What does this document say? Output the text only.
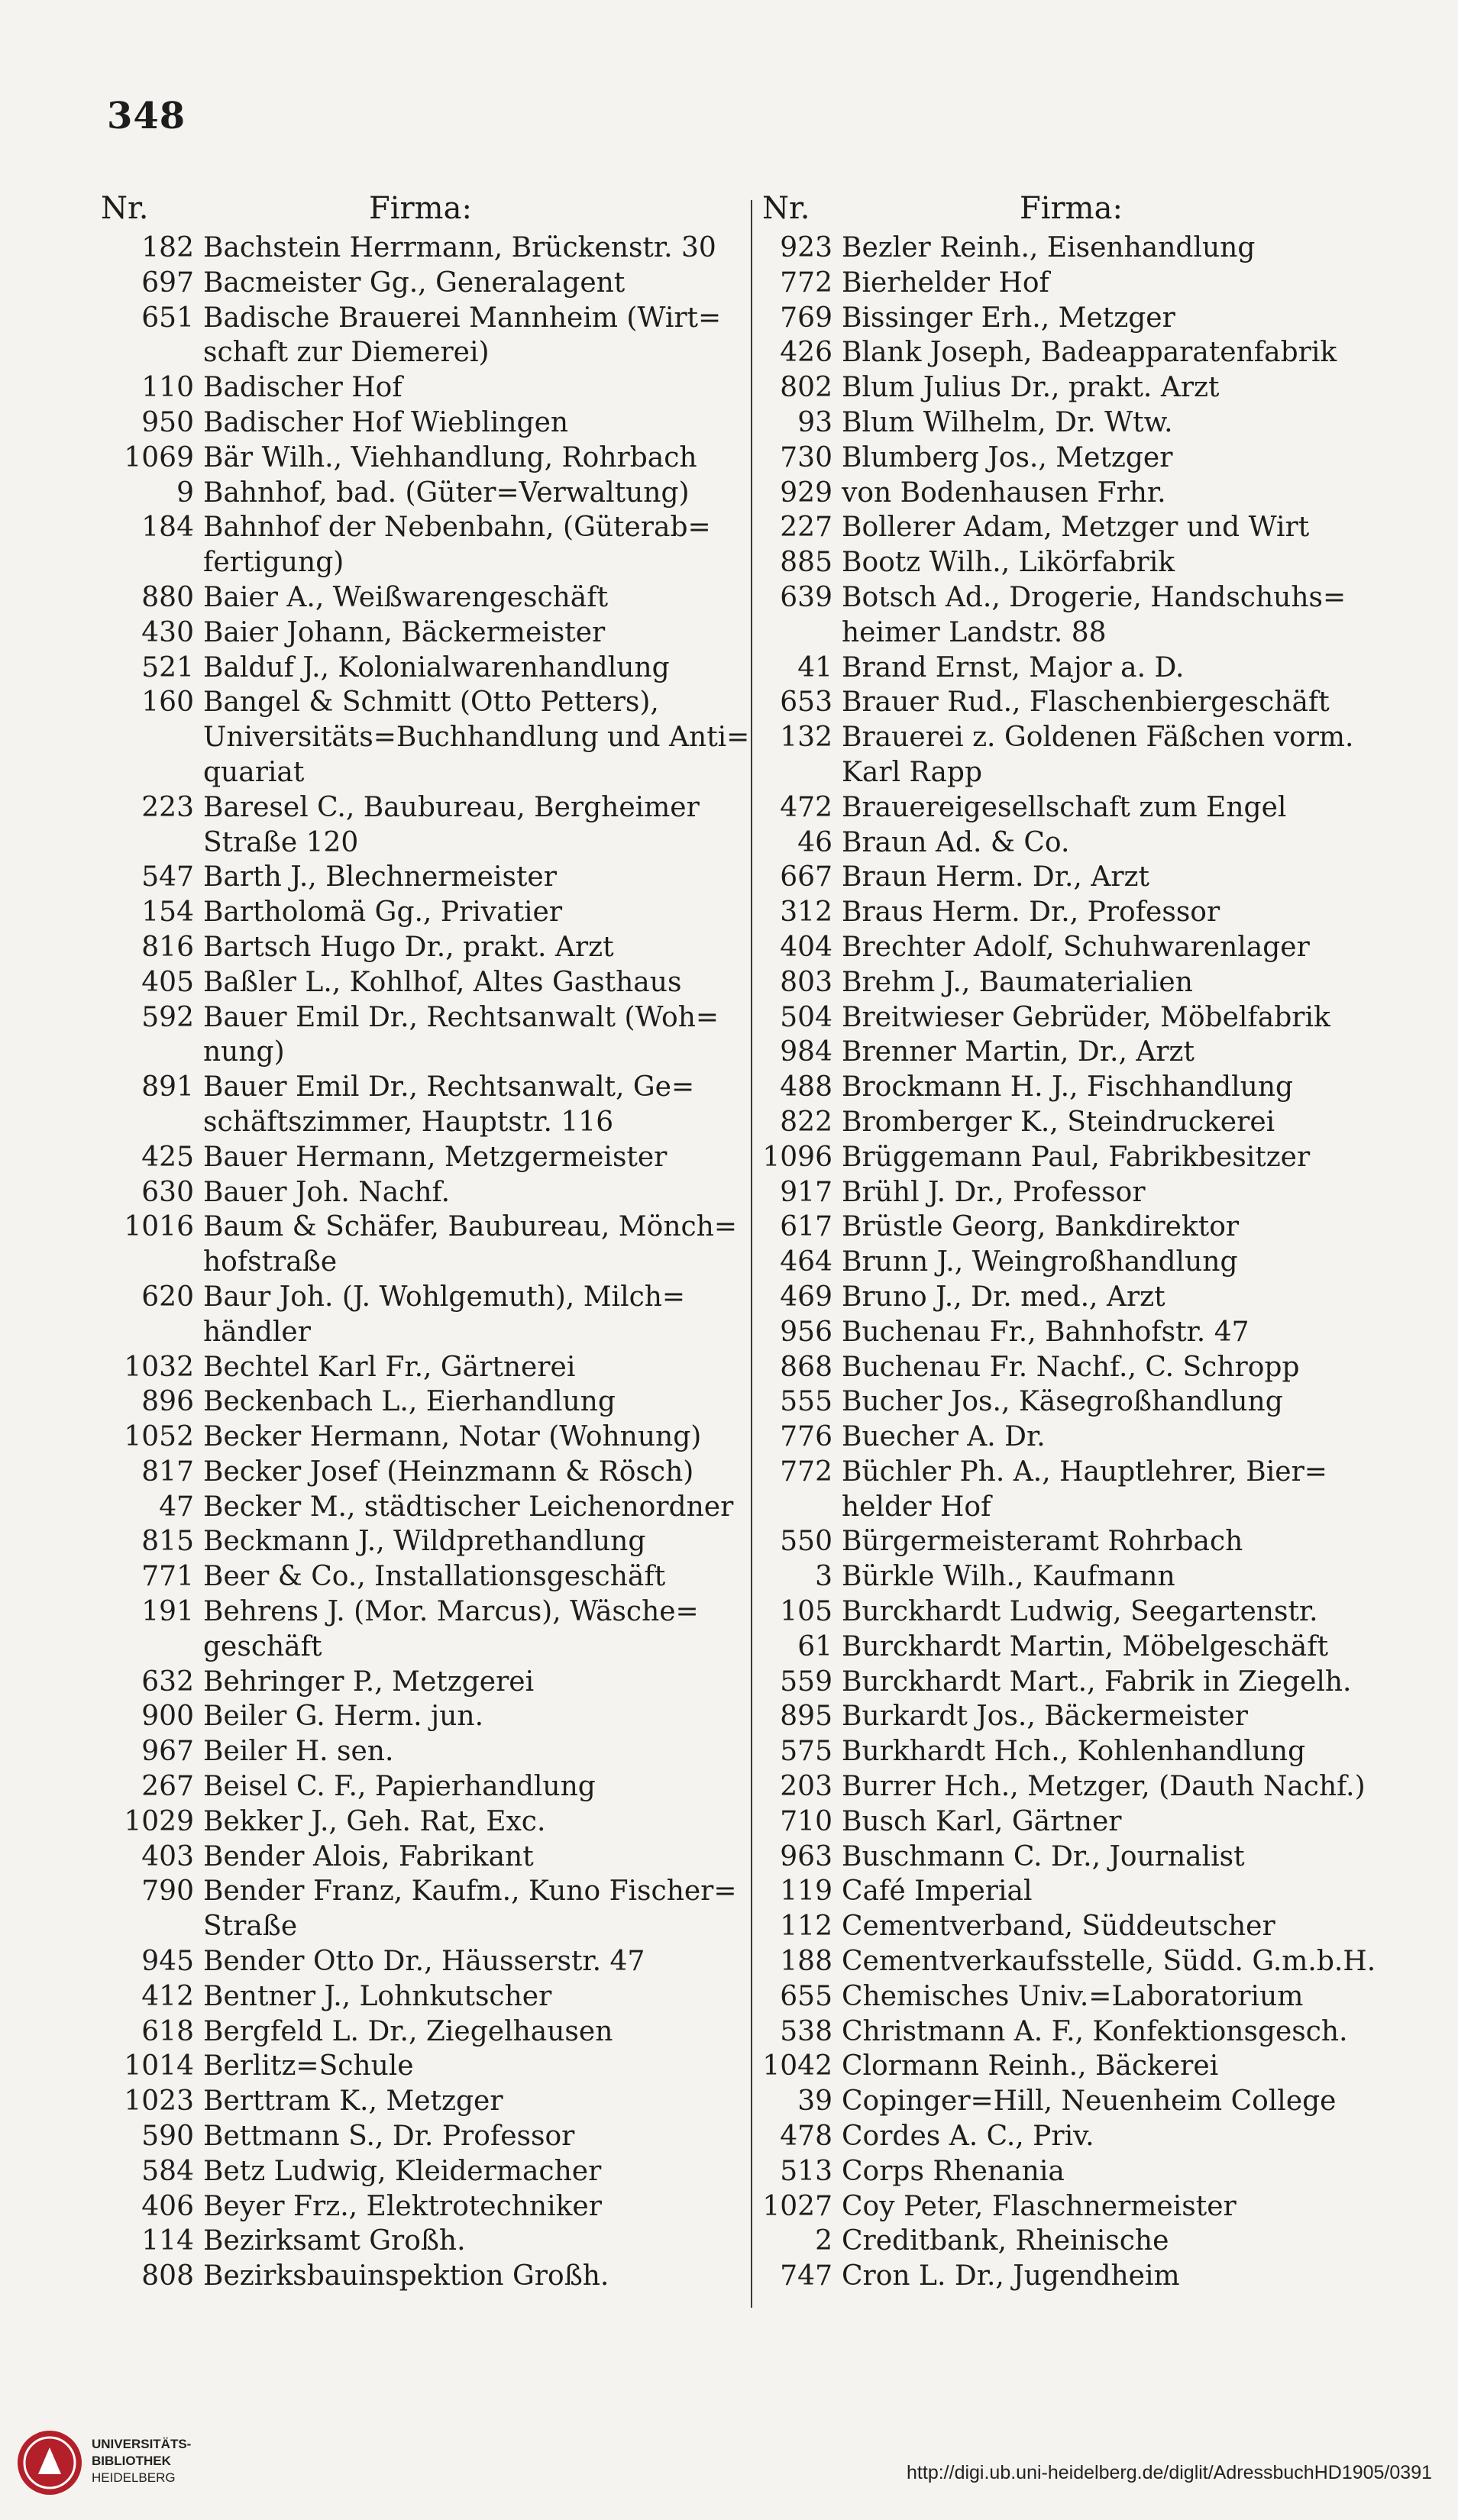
348
Nr.	Firma:
182 Bachstein Herrmann, Brückenstr. 30
697 Bacmeister Gg., Generalagent
651 Badische Brauerei Mannheim (Wirt=
schaft zur Diemerei)
110 Badischer Hof
950 Badischer Hof Wieblingen
1069 Bär Wilh., Viehhandlung, Rohrbach
9 Bahnhof, bad. (Güter=Verwaltung)
184 Bahnhof der Nebenbahn, (Güterab=
fertigung)
880 Baier A., Weißwarengeschäft
430 Baier Johann, Bäckermeister
521 Balduf J., Kolonialwarenhandlung
160 Bangel & Schmitt (Otto Petters),
Universitäts=Buchhandlung und Anti=
quariat
223 Baresel C., Baubureau, Bergheimer
Straße 120
547 Barth J., Blechnermeister
154 Bartholomä Gg., Privatier
816 Bartsch Hugo Dr., prakt. Arzt
405 Baßler L., Kohlhof, Altes Gasthaus
592 Bauer Emil Dr., Rechtsanwalt (Woh=
nung)
891 Bauer Emil Dr., Rechtsanwalt, Ge=
schäftszimmer, Hauptstr. 116
425 Bauer Hermann, Metzgermeister
630 Bauer Joh. Nachf.
1016 Baum & Schäfer, Baubureau, Mönch=
hofstraße
620 Baur Joh. (J. Wohlgemuth), Milch=
händler
1032 Bechtel Karl Fr., Gärtnerei
896 Beckenbach L., Eierhandlung
1052 Becker Hermann, Notar (Wohnung)
817 Becker Josef (Heinzmann & Rösch)
47 Becker M., städtischer Leichenordner
815 Beckmann J., Wildprethandlung
771 Beer & Co., Installationsgeschäft
191 Behrens J. (Mor. Marcus), Wäsche=
geschäft
632 Behringer P., Metzgerei
900 Beiler G. Herm. jun.
967 Beiler H. sen.
267 Beisel C. F., Papierhandlung
1029 Bekker J., Geh. Rat, Exc.
403 Bender Alois, Fabrikant
790 Bender Franz, Kaufm., Kuno Fischer=
Straße
945 Bender Otto Dr., Häusserstr. 47
412 Bentner J., Lohnkutscher
618 Bergfeld L. Dr., Ziegelhausen
1014 Berlitz=Schule
1023 Berttram K., Metzger
590 Bettmann S., Dr. Professor
584 Betz Ludwig, Kleidermacher
406 Beyer Frz., Elektrotechniker
114 Bezirksamt Großh.
808 Bezirksbauinspektion Großh.
Nr.	Firma:
923 Bezler Reinh., Eisenhandlung
772 Bierhelder Hof
769 Bissinger Erh., Metzger
426 Blank Joseph, Badeapparatenfabrik
802 Blum Julius Dr., prakt. Arzt
93 Blum Wilhelm, Dr. Wtw.
730 Blumberg Jos., Metzger
929 von Bodenhausen Frhr.
227 Bollerer Adam, Metzger und Wirt
885 Bootz Wilh., Likörfabrik
639 Botsch Ad., Drogerie, Handschuhs=
heimer Landstr. 88
41 Brand Ernst, Major a. D.
653 Brauer Rud., Flaschenbiergeschäft
132 Brauerei z. Goldenen Fäßchen vorm.
Karl Rapp
472 Brauereigesellschaft zum Engel
46 Braun Ad. & Co.
667 Braun Herm. Dr., Arzt
312 Braus Herm. Dr., Professor
404 Brechter Adolf, Schuhwarenlager
803 Brehm J., Baumaterialien
504 Breitwieser Gebrüder, Möbelfabrik
984 Brenner Martin, Dr., Arzt
488 Brockmann H. J., Fischhandlung
822 Bromberger K., Steindruckerei
1096 Brüggemann Paul, Fabrikbesitzer
917 Brühl J. Dr., Professor
617 Brüstle Georg, Bankdirektor
464 Brunn J., Weingroßhandlung
469 Bruno J., Dr. med., Arzt
956 Buchenau Fr., Bahnhofstr. 47
868 Buchenau Fr. Nachf., C. Schropp
555 Bucher Jos., Käsegroßhandlung
776 Buecher A. Dr.
772 Büchler Ph. A., Hauptlehrer, Bier=
helder Hof
550 Bürgermeisteramt Rohrbach
3 Bürkle Wilh., Kaufmann
105 Burckhardt Ludwig, Seegartenstr.
61 Burckhardt Martin, Möbelgeschäft
559 Burckhardt Mart., Fabrik in Ziegelh.
895 Burkardt Jos., Bäckermeister
575 Burkhardt Hch., Kohlenhandlung
203 Burrer Hch., Metzger, (Dauth Nachf.)
710 Busch Karl, Gärtner
963 Buschmann C. Dr., Journalist
119 Café Imperial
112 Cementverband, Süddeutscher
188 Cementverkaufsstelle, Südd. G.m.b.H.
655 Chemisches Univ.=Laboratorium
538 Christmann A. F., Konfektionsgesch.
1042 Clormann Reinh., Bäckerei
39 Copinger=Hill, Neuenheim College
478 Cordes A. C., Priv.
513 Corps Rhenania
1027 Coy Peter, Flaschnermeister
2 Creditbank, Rheinische
747 Cron L. Dr., Jugendheim
UNIVERSITÄTS-
BIBLIOTHEK
HEIDELBERG	http://digi.ub.uni-heidelberg.de/diglit/AdressbuchHD1905/0391
